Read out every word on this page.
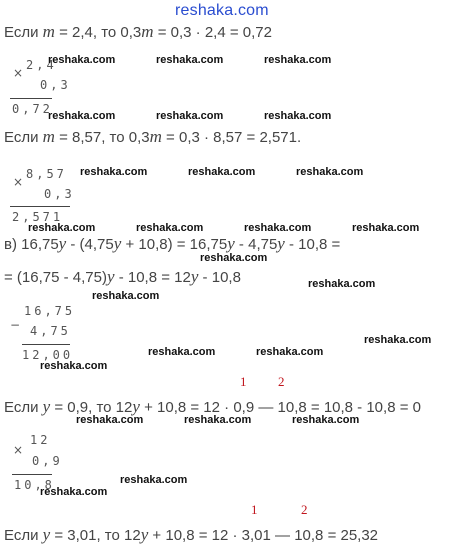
reshaka.com
Если m = 2,4, то 0,3m = 0,3 · 2,4 = 0,72
×
2,4
0,3
0,72
Если m = 8,57, то 0,3m = 0,3 · 8,57 = 2,571.
×
8,57
0,3
2,571
в) 16,75y - (4,75y + 10,8) = 16,75y - 4,75y - 10,8 =
= (16,75 - 4,75)y - 10,8 = 12y - 10,8
−
16,75
4,75
12,00
1 2
Если y = 0,9, то 12y + 10,8 = 12 · 0,9 — 10,8 = 10,8 - 10,8 = 0
×
12
0,9
10,8
1	2
Если y = 3,01, то 12y + 10,8 = 12 · 3,01 — 10,8 = 25,32
reshaka.com	reshaka.com	reshaka.com
reshaka.com	reshaka.com	reshaka.com
reshaka.com	reshaka.com	reshaka.com
reshaka.com	reshaka.com	reshaka.com	reshaka.com
reshaka.com
reshaka.com
reshaka.com
reshaka.com
reshaka.com	reshaka.com
reshaka.com
reshaka.com	reshaka.com	reshaka.com
reshaka.com
reshaka.com
